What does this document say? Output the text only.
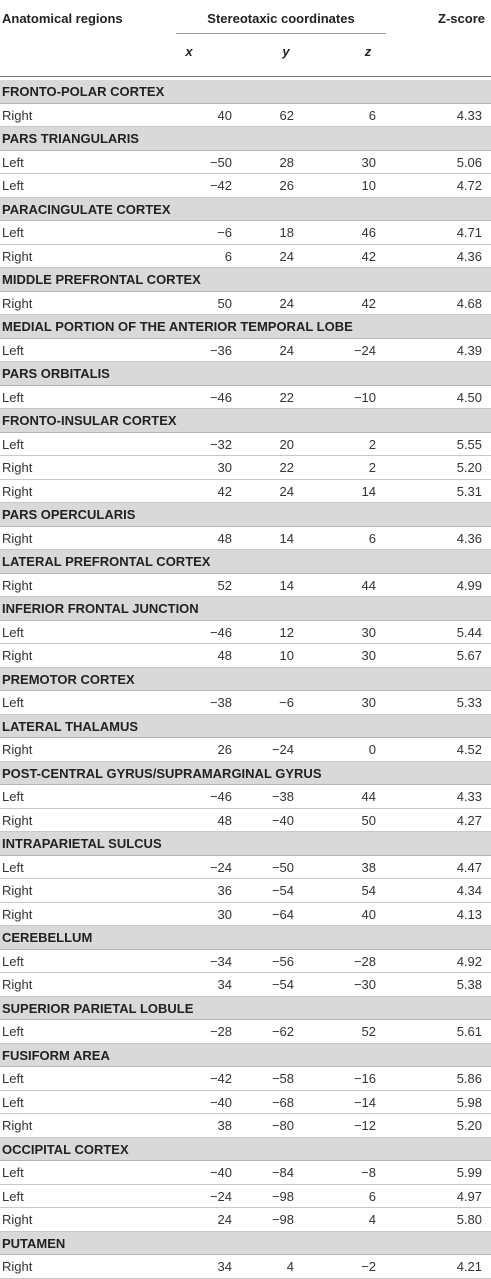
Anatomical regions	Stereotaxic coordinates	Z-score
x	y	z
FRONTO-POLAR CORTEX
Right	40	62	6	4.33
PARS TRIANGULARIS
Left	−50	28	30	5.06
Left	−42	26	10	4.72
PARACINGULATE CORTEX
Left	−6	18	46	4.71
Right	6	24	42	4.36
MIDDLE PREFRONTAL CORTEX
Right	50	24	42	4.68
MEDIAL PORTION OF THE ANTERIOR TEMPORAL LOBE
Left	−36	24	−24	4.39
PARS ORBITALIS
Left	−46	22	−10	4.50
FRONTO-INSULAR CORTEX
Left	−32	20	2	5.55
Right	30	22	2	5.20
Right	42	24	14	5.31
PARS OPERCULARIS
Right	48	14	6	4.36
LATERAL PREFRONTAL CORTEX
Right	52	14	44	4.99
INFERIOR FRONTAL JUNCTION
Left	−46	12	30	5.44
Right	48	10	30	5.67
PREMOTOR CORTEX
Left	−38	−6	30	5.33
LATERAL THALAMUS
Right	26	−24	0	4.52
POST-CENTRAL GYRUS/SUPRAMARGINAL GYRUS
Left	−46	−38	44	4.33
Right	48	−40	50	4.27
INTRAPARIETAL SULCUS
Left	−24	−50	38	4.47
Right	36	−54	54	4.34
Right	30	−64	40	4.13
CEREBELLUM
Left	−34	−56	−28	4.92
Right	34	−54	−30	5.38
SUPERIOR PARIETAL LOBULE
Left	−28	−62	52	5.61
FUSIFORM AREA
Left	−42	−58	−16	5.86
Left	−40	−68	−14	5.98
Right	38	−80	−12	5.20
OCCIPITAL CORTEX
Left	−40	−84	−8	5.99
Left	−24	−98	6	4.97
Right	24	−98	4	5.80
PUTAMEN
Right	34	4	−2	4.21
